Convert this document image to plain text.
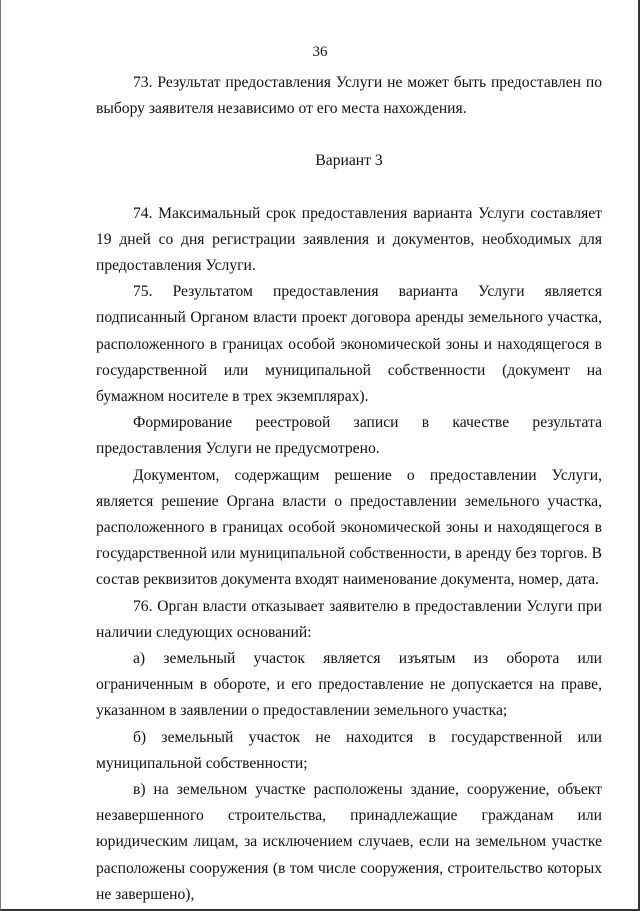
36

73. Результат предоставления Услуги не может быть предоставлен по выбору заявителя независимо от его места нахождения.

Вариант 3

74. Максимальный срок предоставления варианта Услуги составляет 19 дней со дня регистрации заявления и документов, необходимых для предоставления Услуги.

75. Результатом предоставления варианта Услуги является подписанный Органом власти проект договора аренды земельного участка, расположенного в границах особой экономической зоны и находящегося в государственной или муниципальной собственности (документ на бумажном носителе в трех экземплярах).

Формирование реестровой записи в качестве результата предоставления Услуги не предусмотрено.

Документом, содержащим решение о предоставлении Услуги, является решение Органа власти о предоставлении земельного участка, расположенного в границах особой экономической зоны и находящегося в государственной или муниципальной собственности, в аренду без торгов. В состав реквизитов документа входят наименование документа, номер, дата.

76. Орган власти отказывает заявителю в предоставлении Услуги при наличии следующих оснований:

а) земельный участок является изъятым из оборота или ограниченным в обороте, и его предоставление не допускается на праве, указанном в заявлении о предоставлении земельного участка;

б) земельный участок не находится в государственной или муниципальной собственности;

в) на земельном участке расположены здание, сооружение, объект незавершенного строительства, принадлежащие гражданам или юридическим лицам, за исключением случаев, если на земельном участке расположены сооружения (в том числе сооружения, строительство которых не завершено),
